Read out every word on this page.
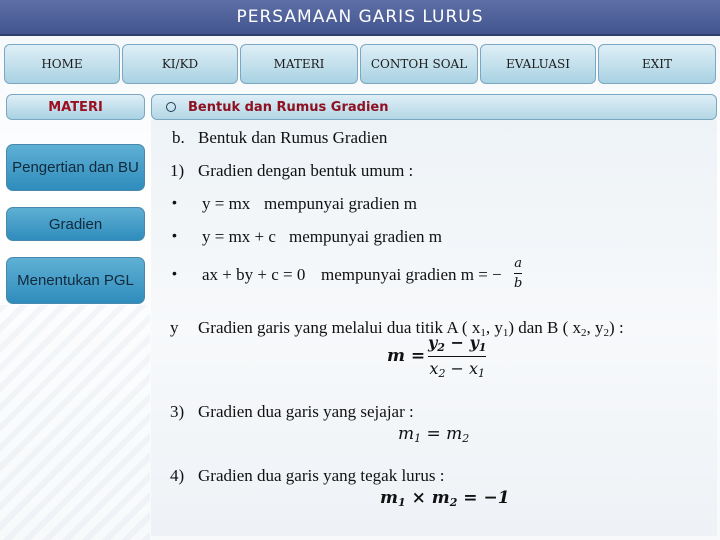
PERSAMAAN GARIS LURUS
HOME	KI/KD	MATERI	CONTOH SOAL	EVALUASI	EXIT
MATERI
Pengertian dan BU
Gradien
Menentukan PGL
Bentuk dan Rumus Gradien
b. Bentuk dan Rumus Gradien
1) Gradien dengan bentuk umum :
• y = mx mempunyai gradien m
• y = mx + c mempunyai gradien m
• ax + by + c = 0 mempunyai gradien m = − $\frac{a}{b}$
y Gradien garis yang melalui dua titik A ( $x_1$, $y_1$) dan B ( $x_2$, $y_2$) :
$m = \frac{y_2 - y_1}{x_2 - x_1}$
3) Gradien dua garis yang sejajar :
$m_1 = m_2$
4) Gradien dua garis yang tegak lurus :
$m_1 \times m_2 = -1$
